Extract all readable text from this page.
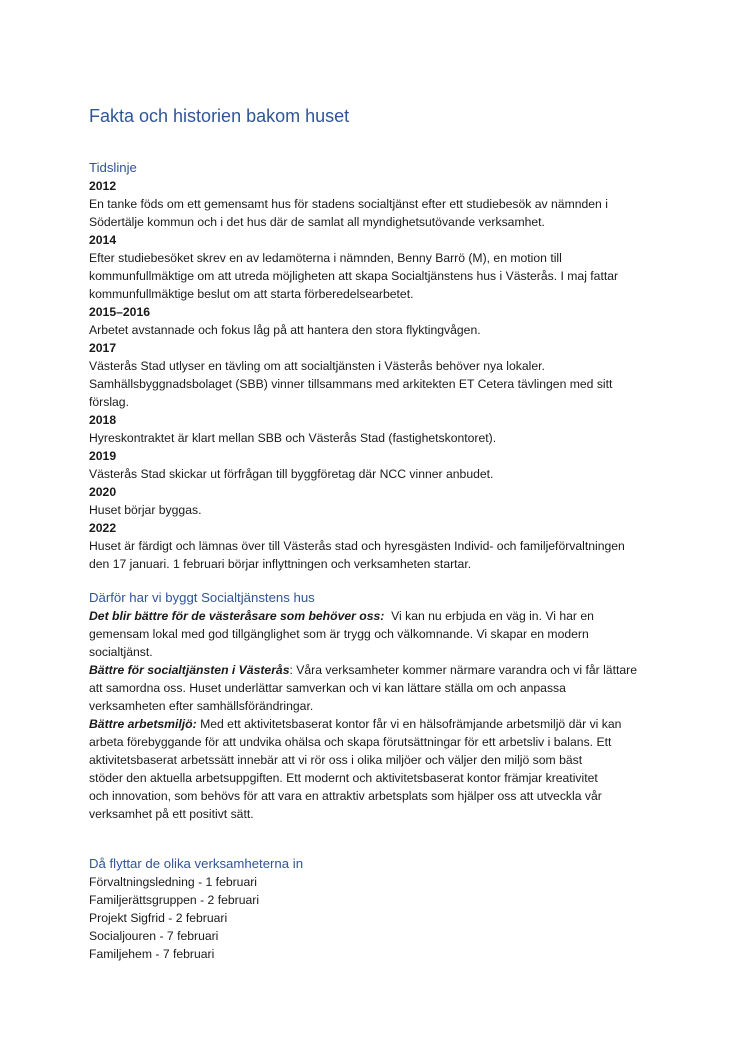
Fakta och historien bakom huset
Tidslinje
2012
En tanke föds om ett gemensamt hus för stadens socialtjänst efter ett studiebesök av nämnden i
Södertälje kommun och i det hus där de samlat all myndighetsutövande verksamhet.
2014
Efter studiebesöket skrev en av ledamöterna i nämnden, Benny Barrö (M), en motion till
kommunfullmäktige om att utreda möjligheten att skapa Socialtjänstens hus i Västerås. I maj fattar
kommunfullmäktige beslut om att starta förberedelsearbetet.
2015–2016
Arbetet avstannade och fokus låg på att hantera den stora flyktingvågen.
2017
Västerås Stad utlyser en tävling om att socialtjänsten i Västerås behöver nya lokaler.
Samhällsbyggnadsbolaget (SBB) vinner tillsammans med arkitekten ET Cetera tävlingen med sitt
förslag.
2018
Hyreskontraktet är klart mellan SBB och Västerås Stad (fastighetskontoret).
2019
Västerås Stad skickar ut förfrågan till byggföretag där NCC vinner anbudet.
2020
Huset börjar byggas.
2022
Huset är färdigt och lämnas över till Västerås stad och hyresgästen Individ- och familjeförvaltningen
den 17 januari. 1 februari börjar inflyttningen och verksamheten startar.
Därför har vi byggt Socialtjänstens hus
Det blir bättre för de västeråsare som behöver oss:  Vi kan nu erbjuda en väg in. Vi har en
gemensam lokal med god tillgänglighet som är trygg och välkomnande. Vi skapar en modern
socialtjänst.
Bättre för socialtjänsten i Västerås: Våra verksamheter kommer närmare varandra och vi får lättare
att samordna oss. Huset underlättar samverkan och vi kan lättare ställa om och anpassa
verksamheten efter samhällsförändringar.
Bättre arbetsmiljö: Med ett aktivitetsbaserat kontor får vi en hälsofrämjande arbetsmiljö där vi kan
arbeta förebyggande för att undvika ohälsa och skapa förutsättningar för ett arbetsliv i balans. Ett
aktivitetsbaserat arbetssätt innebär att vi rör oss i olika miljöer och väljer den miljö som bäst
stöder den aktuella arbetsuppgiften. Ett modernt och aktivitetsbaserat kontor främjar kreativitet
och innovation, som behövs för att vara en attraktiv arbetsplats som hjälper oss att utveckla vår
verksamhet på ett positivt sätt.
Då flyttar de olika verksamheterna in
Förvaltningsledning - 1 februari
Familjerättsgruppen - 2 februari
Projekt Sigfrid - 2 februari
Socialjouren - 7 februari
Familjehem - 7 februari
